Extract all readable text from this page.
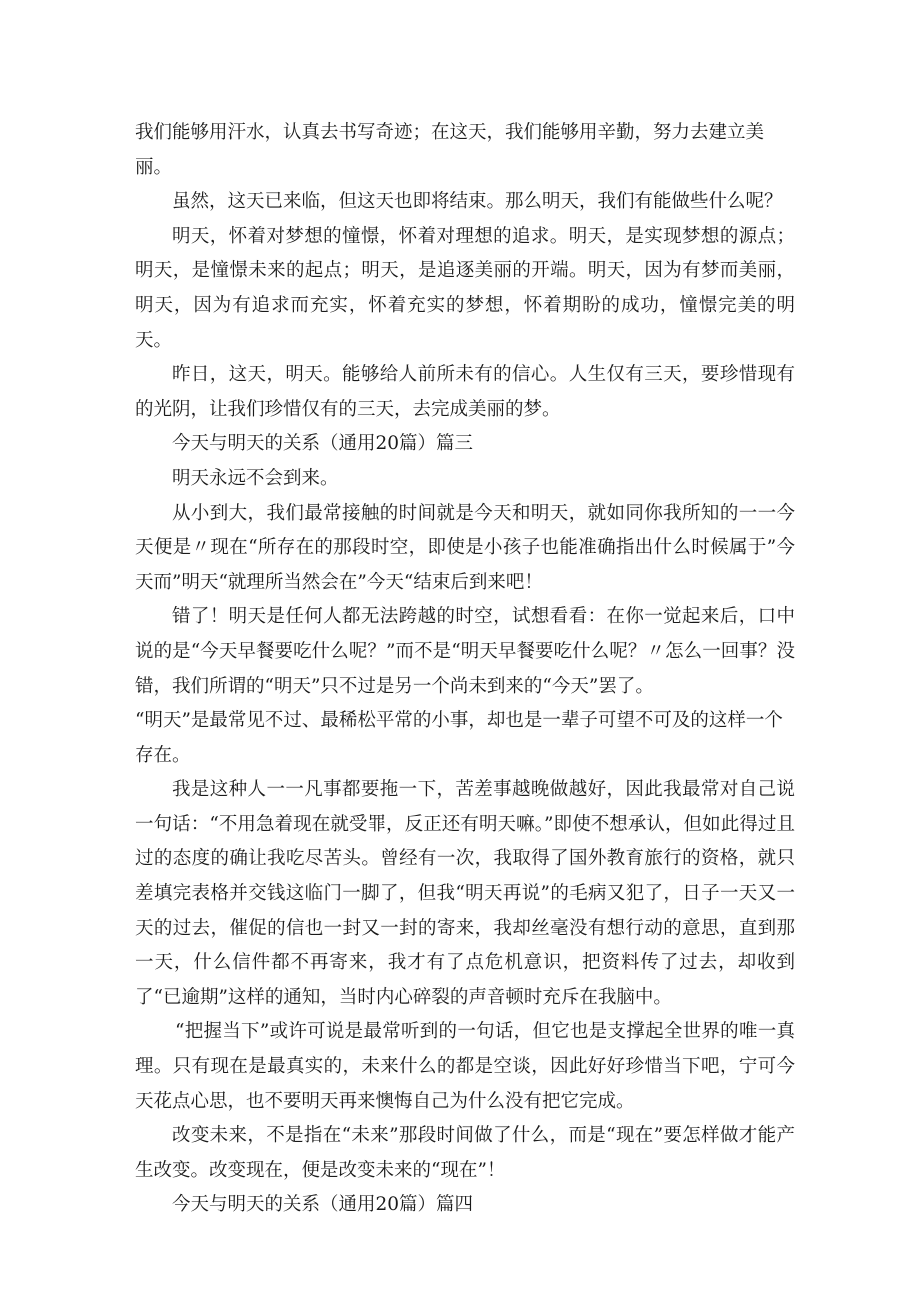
我们能够用汗水，认真去书写奇迹；在这天，我们能够用辛勤，努力去建立美丽。

虽然，这天已来临，但这天也即将结束。那么明天，我们有能做些什么呢？

明天，怀着对梦想的憧憬，怀着对理想的追求。明天，是实现梦想的源点；明天，是憧憬未来的起点；明天，是追逐美丽的开端。明天，因为有梦而美丽，明天，因为有追求而充实，怀着充实的梦想，怀着期盼的成功，憧憬完美的明天。

昨日，这天，明天。能够给人前所未有的信心。人生仅有三天，要珍惜现有的光阴，让我们珍惜仅有的三天，去完成美丽的梦。

今天与明天的关系（通用20篇）篇三

明天永远不会到来。

从小到大，我们最常接触的时间就是今天和明天，就如同你我所知的一一今天便是〃现在“所存在的那段时空，即使是小孩子也能准确指出什么时候属于”今天而”明天“就理所当然会在”今天“结束后到来吧！

错了！明天是任何人都无法跨越的时空，试想看看：在你一觉起来后，口中说的是“今天早餐要吃什么呢？”而不是“明天早餐要吃什么呢？〃怎么一回事？没错，我们所谓的“明天”只不过是另一个尚未到来的“今天”罢了。

“明天”是最常见不过、最稀松平常的小事，却也是一辈子可望不可及的这样一个存在。

我是这种人一一凡事都要拖一下，苦差事越晚做越好，因此我最常对自己说一句话：“不用急着现在就受罪，反正还有明天嘛。”即使不想承认，但如此得过且过的态度的确让我吃尽苦头。曾经有一次，我取得了国外教育旅行的资格，就只差填完表格并交钱这临门一脚了，但我“明天再说”的毛病又犯了，日子一天又一天的过去，催促的信也一封又一封的寄来，我却丝毫没有想行动的意思，直到那一天，什么信件都不再寄来，我才有了点危机意识，把资料传了过去，却收到了“已逾期”这样的通知，当时内心碎裂的声音顿时充斥在我脑中。

“把握当下”或许可说是最常听到的一句话，但它也是支撑起全世界的唯一真理。只有现在是最真实的，未来什么的都是空谈，因此好好珍惜当下吧，宁可今天花点心思，也不要明天再来懊悔自己为什么没有把它完成。

改变未来，不是指在“未来”那段时间做了什么，而是“现在”要怎样做才能产生改变。改变现在，便是改变未来的“现在”！

今天与明天的关系（通用20篇）篇四
